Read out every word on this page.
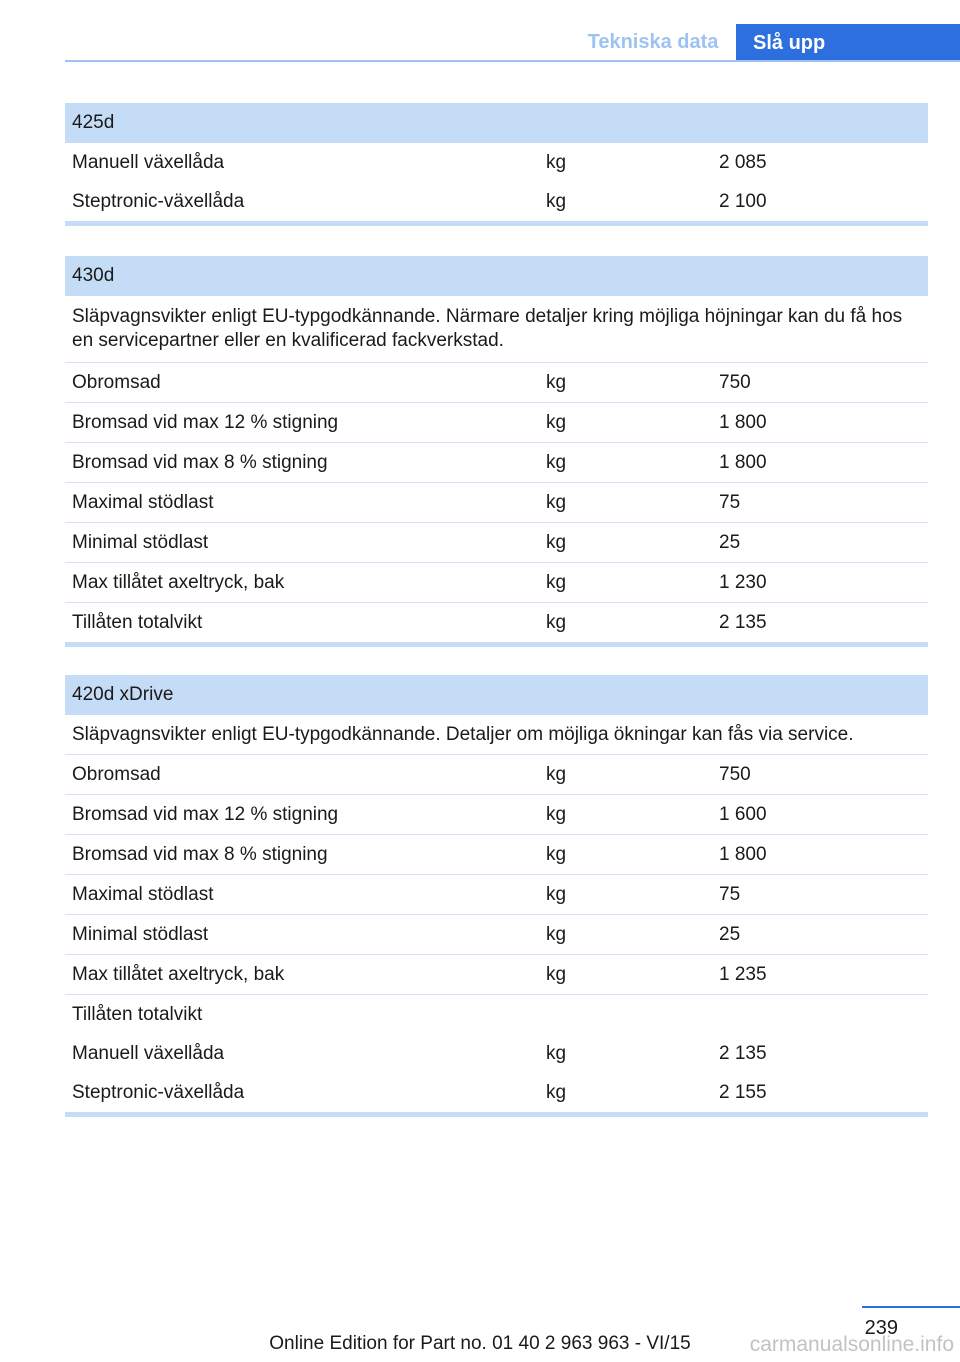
Tekniska data	Slå upp
425d
Manuell växellåda	kg	2 085
Steptronic-växellåda	kg	2 100
430d
Släpvagnsvikter enligt EU-typgodkännande. Närmare detaljer kring möjliga höjningar kan du få hos en servicepartner eller en kvalificerad fackverkstad.
Obromsad	kg	750
Bromsad vid max 12 % stigning	kg	1 800
Bromsad vid max 8 % stigning	kg	1 800
Maximal stödlast	kg	75
Minimal stödlast	kg	25
Max tillåtet axeltryck, bak	kg	1 230
Tillåten totalvikt	kg	2 135
420d xDrive
Släpvagnsvikter enligt EU-typgodkännande. Detaljer om möjliga ökningar kan fås via service.
Obromsad	kg	750
Bromsad vid max 12 % stigning	kg	1 600
Bromsad vid max 8 % stigning	kg	1 800
Maximal stödlast	kg	75
Minimal stödlast	kg	25
Max tillåtet axeltryck, bak	kg	1 235
Tillåten totalvikt
Manuell växellåda	kg	2 135
Steptronic-växellåda	kg	2 155
239
Online Edition for Part no. 01 40 2 963 963 - VI/15	carmanualsonline.info
